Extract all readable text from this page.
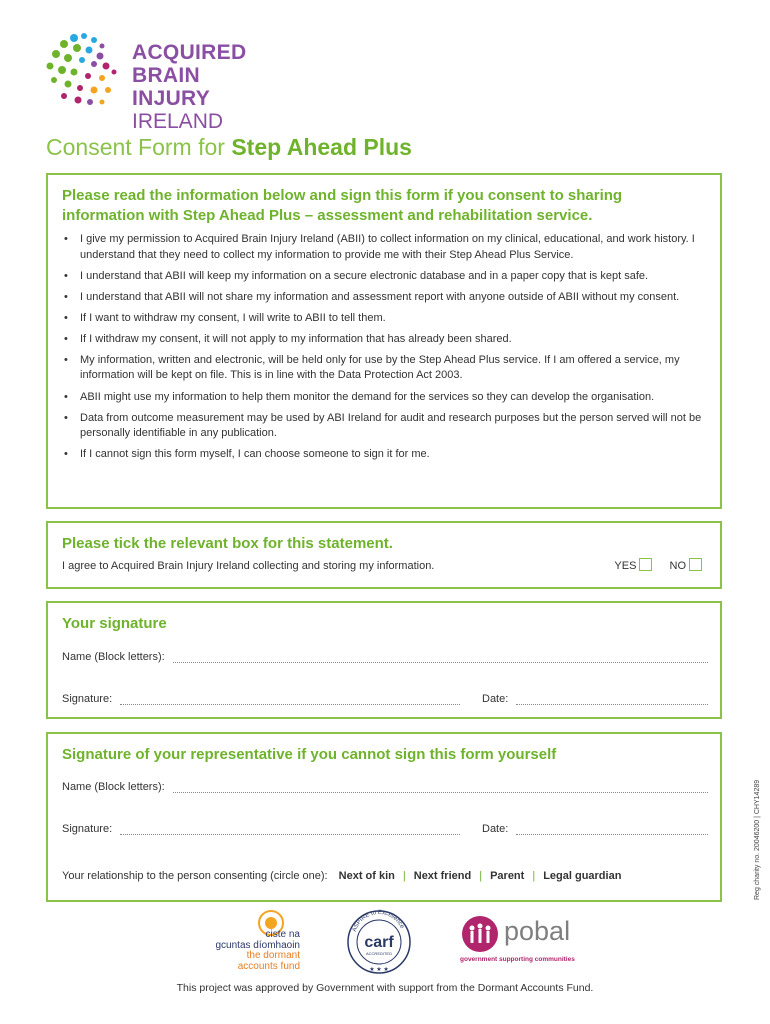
ACQUIRED
BRAIN INJURY
IRELAND
Consent Form for Step Ahead Plus
Please read the information below and sign this form if you consent to sharing information with Step Ahead Plus – assessment and rehabilitation service.
• I give my permission to Acquired Brain Injury Ireland (ABII) to collect information on my clinical, educational, and work history. I understand that they need to collect my information to provide me with their Step Ahead Plus Service.
• I understand that ABII will keep my information on a secure electronic database and in a paper copy that is kept safe.
• I understand that ABII will not share my information and assessment report with anyone outside of ABII without my consent.
• If I want to withdraw my consent, I will write to ABII to tell them.
• If I withdraw my consent, it will not apply to my information that has already been shared.
• My information, written and electronic, will be held only for use by the Step Ahead Plus service. If I am offered a service, my information will be kept on file. This is in line with the Data Protection Act 2003.
• ABII might use my information to help them monitor the demand for the services so they can develop the organisation.
• Data from outcome measurement may be used by ABI Ireland for audit and research purposes but the person served will not be personally identifiable in any publication.
• If I cannot sign this form myself, I can choose someone to sign it for me.
Please tick the relevant box for this statement.
I agree to Acquired Brain Injury Ireland collecting and storing my information.	YES	NO
Your signature
Name (Block letters):
Signature:	Date:
Signature of your representative if you cannot sign this form yourself
Name (Block letters):
Signature:	Date:
Your relationship to the person consenting (circle one): Next of kin | Next friend | Parent | Legal guardian	Reg charity no. 20046200 | CHY14289
ciste na
gcuntas díomhaoin
the dormant
accounts fund
ASPIRE to Excellence
carf
ACCREDITED
★ ★ ★
pobal
government supporting communities
This project was approved by Government with support from the Dormant Accounts Fund.
